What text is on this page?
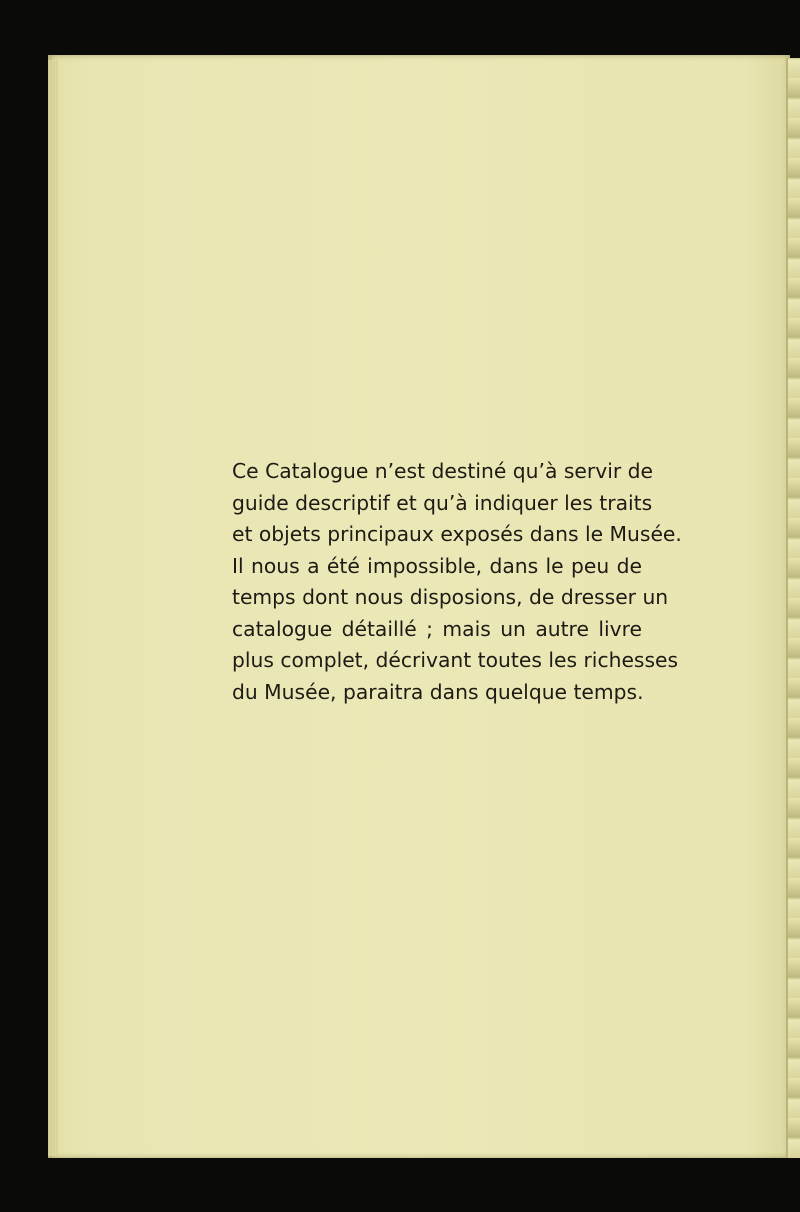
Ce Catalogue n’est destiné qu’à servir de
guide descriptif et qu’à indiquer les traits
et objets principaux exposés dans le Musée.
Il nous a été impossible, dans le peu de
temps dont nous disposions, de dresser un
catalogue détaillé ; mais un autre livre
plus complet, décrivant toutes les richesses
du Musée, paraitra dans quelque temps.
